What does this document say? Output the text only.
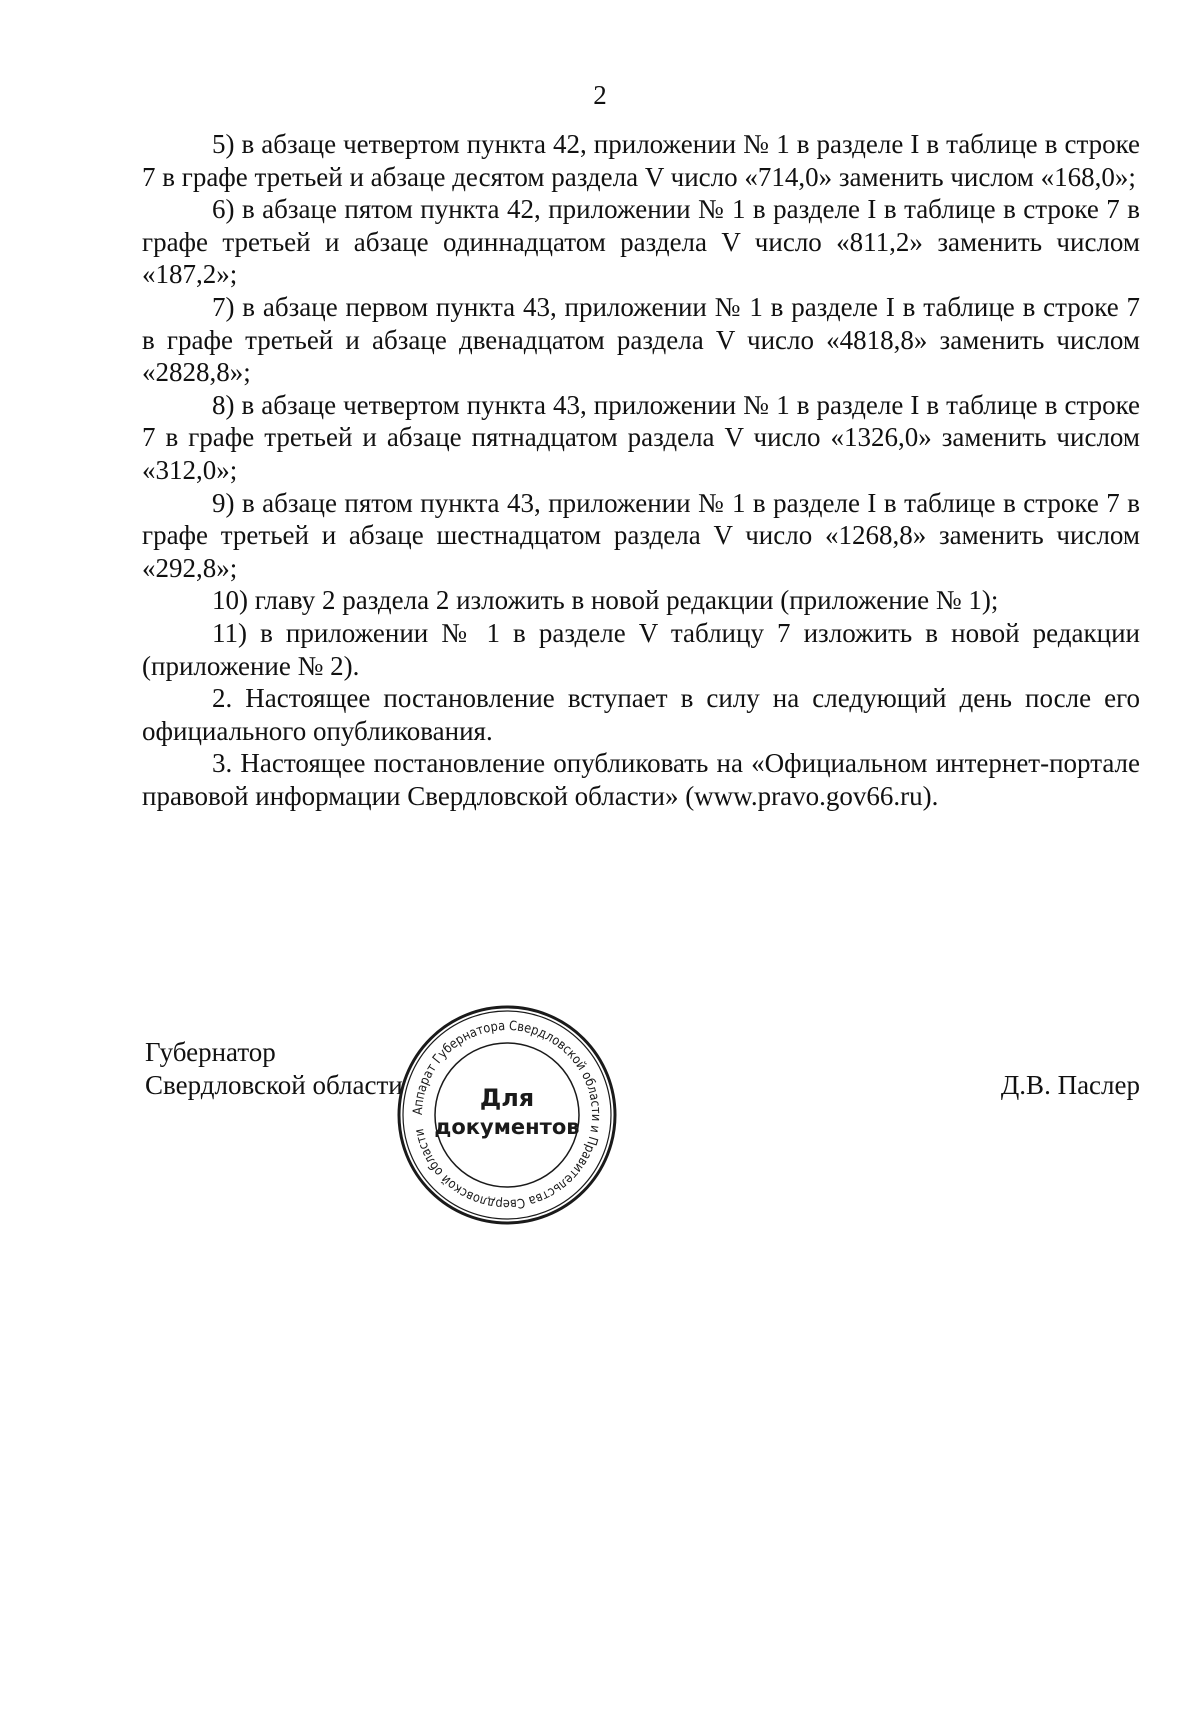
2

5) в абзаце четвертом пункта 42, приложении № 1 в разделе I в таблице в строке 7 в графе третьей и абзаце десятом раздела V число «714,0» заменить числом «168,0»;

6) в абзаце пятом пункта 42, приложении № 1 в разделе I в таблице в строке 7 в графе третьей и абзаце одиннадцатом раздела V число «811,2» заменить числом «187,2»;

7) в абзаце первом пункта 43, приложении № 1 в разделе I в таблице в строке 7 в графе третьей и абзаце двенадцатом раздела V число «4818,8» заменить числом «2828,8»;

8) в абзаце четвертом пункта 43, приложении № 1 в разделе I в таблице в строке 7 в графе третьей и абзаце пятнадцатом раздела V число «1326,0» заменить числом «312,0»;

9) в абзаце пятом пункта 43, приложении № 1 в разделе I в таблице в строке 7 в графе третьей и абзаце шестнадцатом раздела V число «1268,8» заменить числом «292,8»;

10) главу 2 раздела 2 изложить в новой редакции (приложение № 1);

11) в приложении № 1 в разделе V таблицу 7 изложить в новой редакции (приложение № 2).

2. Настоящее постановление вступает в силу на следующий день после его официального опубликования.

3. Настоящее постановление опубликовать на «Официальном интернет-портале правовой информации Свердловской области» (www.pravo.gov66.ru).

Губернатор
Свердловской области	Д.В. Паслер
Аппарат Губернатора Свердловской области и Правительства Свердловской области
Для
документов
